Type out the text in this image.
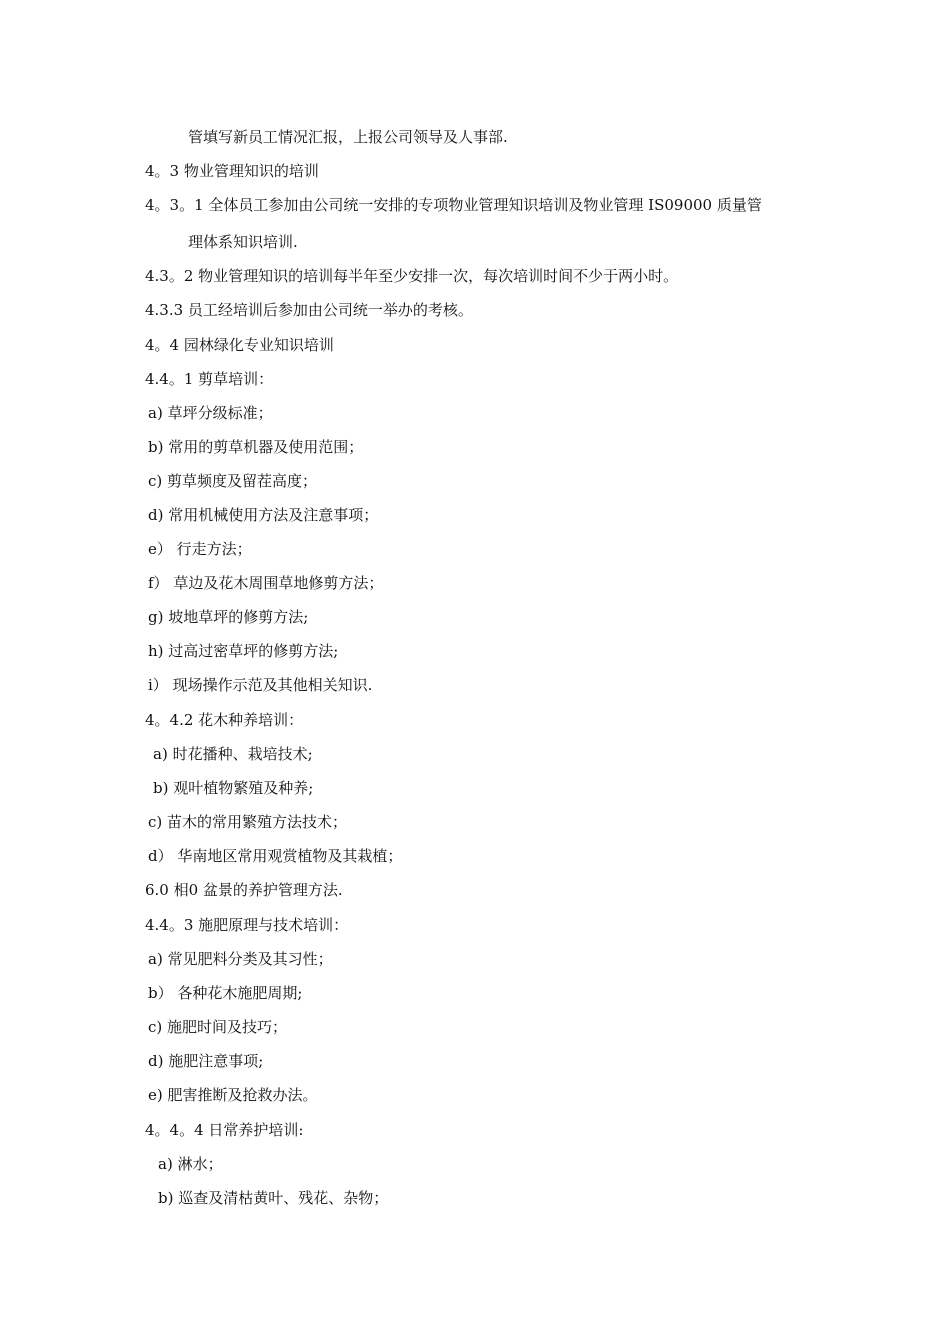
管填写新员工情况汇报，上报公司领导及人事部.
4。3 物业管理知识的培训
4。3。1 全体员工参加由公司统一安排的专项物业管理知识培训及物业管理 IS09000 质量管
理体系知识培训.
4.3。2 物业管理知识的培训每半年至少安排一次，每次培训时间不少于两小时。
4.3.3 员工经培训后参加由公司统一举办的考核。
4。4 园林绿化专业知识培训
4.4。1 剪草培训：
a) 草坪分级标准；
b) 常用的剪草机器及使用范围；
c) 剪草频度及留茬高度；
d) 常用机械使用方法及注意事项；
e） 行走方法；
f） 草边及花木周围草地修剪方法；
g) 坡地草坪的修剪方法;
h) 过高过密草坪的修剪方法;
i） 现场操作示范及其他相关知识.
4。4.2 花木种养培训：
a) 时花播种、栽培技术;
b) 观叶植物繁殖及种养;
c) 苗木的常用繁殖方法技术；
d） 华南地区常用观赏植物及其栽植；
6.0 相0 盆景的养护管理方法.
4.4。3 施肥原理与技术培训：
a) 常见肥料分类及其习性；
b） 各种花木施肥周期;
c) 施肥时间及技巧；
d) 施肥注意事项;
e) 肥害推断及抢救办法。
4。4。4 日常养护培训:
a) 淋水；
b) 巡查及清枯黄叶、残花、杂物；
